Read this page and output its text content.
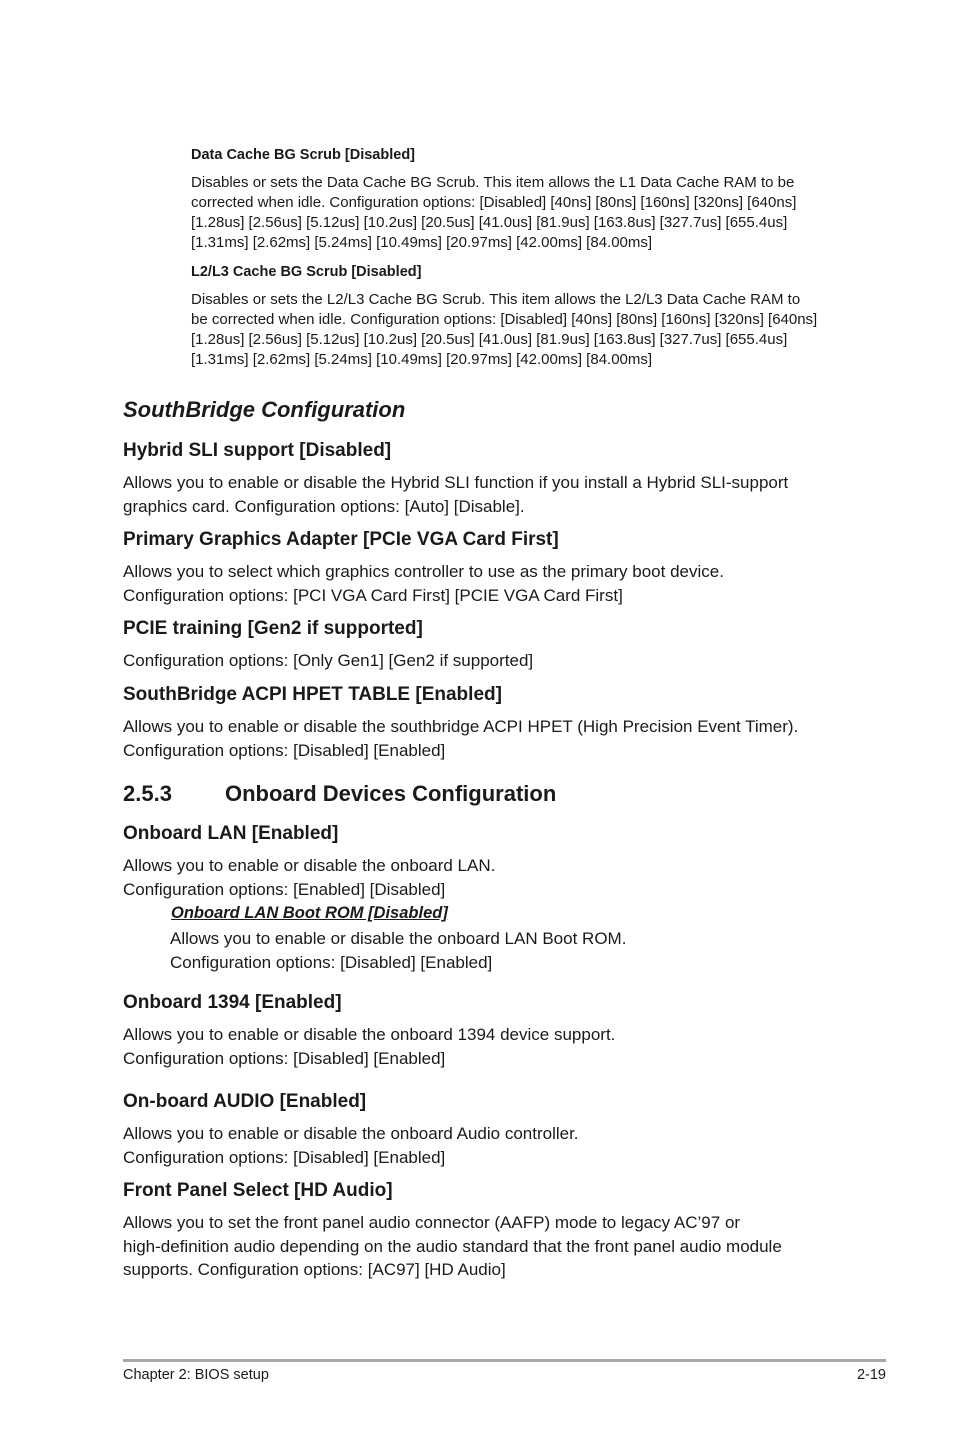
Data Cache BG Scrub [Disabled]

Disables or sets the Data Cache BG Scrub. This item allows the L1 Data Cache RAM to be

corrected when idle. Configuration options: [Disabled] [40ns] [80ns] [160ns] [320ns] [640ns]

[1.28us] [2.56us] [5.12us] [10.2us] [20.5us] [41.0us] [81.9us] [163.8us] [327.7us] [655.4us]

[1.31ms] [2.62ms] [5.24ms] [10.49ms] [20.97ms] [42.00ms] [84.00ms]

L2/L3 Cache BG Scrub [Disabled]

Disables or sets the L2/L3 Cache BG Scrub. This item allows the L2/L3 Data Cache RAM to

be corrected when idle. Configuration options: [Disabled] [40ns] [80ns] [160ns] [320ns] [640ns]

[1.28us] [2.56us] [5.12us] [10.2us] [20.5us] [41.0us] [81.9us] [163.8us] [327.7us] [655.4us]

[1.31ms] [2.62ms] [5.24ms] [10.49ms] [20.97ms] [42.00ms] [84.00ms]

SouthBridge Configuration

Hybrid SLI support [Disabled]

Allows you to enable or disable the Hybrid SLI function if you install a Hybrid SLI-support

graphics card. Configuration options: [Auto] [Disable].

Primary Graphics Adapter [PCIe VGA Card First]

Allows you to select which graphics controller to use as the primary boot device.

Configuration options: [PCI VGA Card First] [PCIE VGA Card First]

PCIE training [Gen2 if supported]

Configuration options: [Only Gen1] [Gen2 if supported]

SouthBridge ACPI HPET TABLE [Enabled]

Allows you to enable or disable the southbridge ACPI HPET (High Precision Event Timer).

Configuration options: [Disabled] [Enabled]

2.5.3 Onboard Devices Configuration

Onboard LAN [Enabled]

Allows you to enable or disable the onboard LAN.

Configuration options: [Enabled] [Disabled]

Onboard LAN Boot ROM [Disabled]

Allows you to enable or disable the onboard LAN Boot ROM.

Configuration options: [Disabled] [Enabled]

Onboard 1394 [Enabled]

Allows you to enable or disable the onboard 1394 device support.

Configuration options: [Disabled] [Enabled]

On-board AUDIO [Enabled]

Allows you to enable or disable the onboard Audio controller.

Configuration options: [Disabled] [Enabled]

Front Panel Select [HD Audio]

Allows you to set the front panel audio connector (AAFP) mode to legacy AC’97 or

high-definition audio depending on the audio standard that the front panel audio module

supports. Configuration options: [AC97] [HD Audio]

Chapter 2: BIOS setup	2-19
